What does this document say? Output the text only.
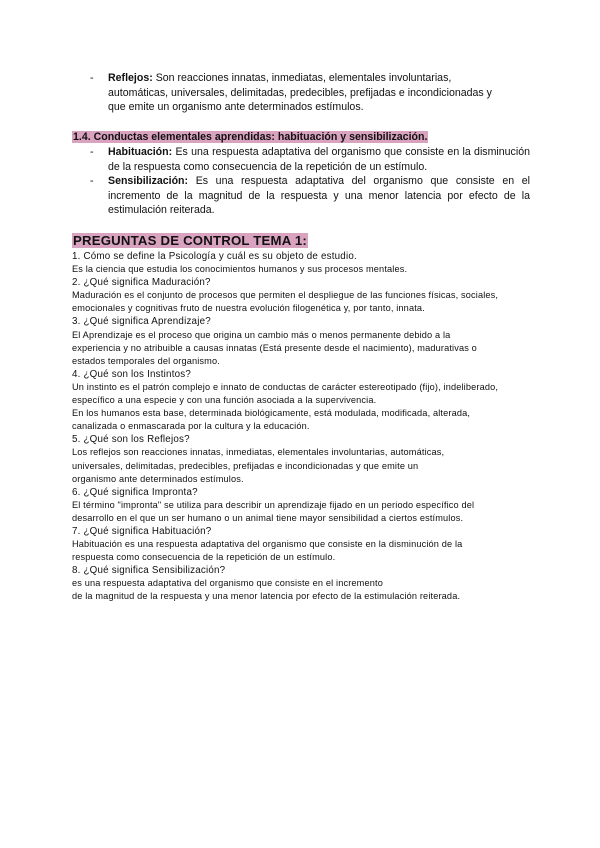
- Reflejos: Son reacciones innatas, inmediatas, elementales involuntarias,
automáticas, universales, delimitadas, predecibles, prefijadas e incondicionadas y
que emite un organismo ante determinados estímulos.
1.4. Conductas elementales aprendidas: habituación y sensibilización.
- Habituación: Es una respuesta adaptativa del organismo que consiste en la disminución de la respuesta como consecuencia de la repetición de un estímulo.
- Sensibilización: Es una respuesta adaptativa del organismo que consiste en el incremento de la magnitud de la respuesta y una menor latencia por efecto de la estimulación reiterada.
PREGUNTAS DE CONTROL TEMA 1:
1. Cómo se define la Psicología y cuál es su objeto de estudio.
Es la ciencia que estudia los conocimientos humanos y sus procesos mentales.
2. ¿Qué significa Maduración?
Maduración es el conjunto de procesos que permiten el despliegue de las funciones físicas, sociales,
emocionales y cognitivas fruto de nuestra evolución filogenética y, por tanto, innata.
3. ¿Qué significa Aprendizaje?
El Aprendizaje es el proceso que origina un cambio más o menos permanente debido a la
experiencia y no atribuible a causas innatas (Está presente desde el nacimiento), madurativas o
estados temporales del organismo.
4. ¿Qué son los Instintos?
Un instinto es el patrón complejo e innato de conductas de carácter estereotipado (fijo), indeliberado,
específico a una especie y con una función asociada a la supervivencia.
En los humanos esta base, determinada biológicamente, está modulada, modificada, alterada,
canalizada o enmascarada por la cultura y la educación.
5. ¿Qué son los Reflejos?
Los reflejos son reacciones innatas, inmediatas, elementales involuntarias, automáticas,
universales, delimitadas, predecibles, prefijadas e incondicionadas y que emite un
organismo ante determinados estímulos.
6. ¿Qué significa Impronta?
El término "impronta" se utiliza para describir un aprendizaje fijado en un periodo específico del
desarrollo en el que un ser humano o un animal tiene mayor sensibilidad a ciertos estímulos.
7. ¿Qué significa Habituación?
Habituación es una respuesta adaptativa del organismo que consiste en la disminución de la
respuesta como consecuencia de la repetición de un estímulo.
8. ¿Qué significa Sensibilización?
es una respuesta adaptativa del organismo que consiste en el incremento
de la magnitud de la respuesta y una menor latencia por efecto de la estimulación reiterada.
